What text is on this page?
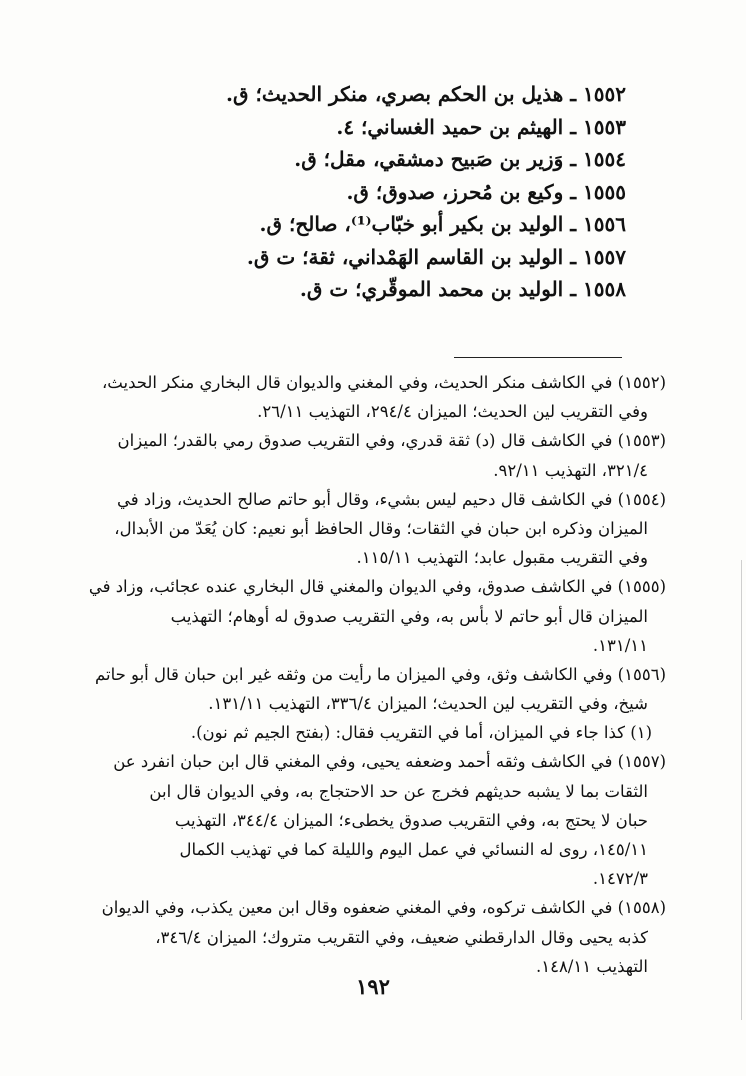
١٥٥٢ ـ هذيل بن الحكم بصري، منكر الحديث؛ ق.
١٥٥٣ ـ الهيثم بن حميد الغساني؛ ٤.
١٥٥٤ ـ وَزير بن صَبيح دمشقي، مقل؛ ق.
١٥٥٥ ـ وكيع بن مُحرز، صدوق؛ ق.
١٥٥٦ ـ الوليد بن بكير أبو خبّاب⁽¹⁾، صالح؛ ق.
١٥٥٧ ـ الوليد بن القاسم الهَمْداني، ثقة؛ ت ق.
١٥٥٨ ـ الوليد بن محمد الموقّري؛ ت ق.
(١٥٥٢) في الكاشف منكر الحديث، وفي المغني والديوان قال البخاري منكر الحديث،
وفي التقريب لين الحديث؛ الميزان ٢٩٤/٤، التهذيب ٢٦/١١.
(١٥٥٣) في الكاشف قال (د) ثقة قدري، وفي التقريب صدوق رمي بالقدر؛ الميزان
٣٢١/٤، التهذيب ٩٢/١١.
(١٥٥٤) في الكاشف قال دحيم ليس بشيء، وقال أبو حاتم صالح الحديث، وزاد في
الميزان وذكره ابن حبان في الثقات؛ وقال الحافظ أبو نعيم: كان يُعَدّ من الأبدال،
وفي التقريب مقبول عابد؛ التهذيب ١١٥/١١.
(١٥٥٥) في الكاشف صدوق، وفي الديوان والمغني قال البخاري عنده عجائب، وزاد في
الميزان قال أبو حاتم لا بأس به، وفي التقريب صدوق له أوهام؛ التهذيب
١٣١/١١.
(١٥٥٦) وفي الكاشف وثق، وفي الميزان ما رأيت من وثقه غير ابن حبان قال أبو حاتم
شيخ، وفي التقريب لين الحديث؛ الميزان ٣٣٦/٤، التهذيب ١٣١/١١.
(١) كذا جاء في الميزان، أما في التقريب فقال: (بفتح الجيم ثم نون).
(١٥٥٧) في الكاشف وثقه أحمد وضعفه يحيى، وفي المغني قال ابن حبان انفرد عن
الثقات بما لا يشبه حديثهم فخرج عن حد الاحتجاج به، وفي الديوان قال ابن
حبان لا يحتج به، وفي التقريب صدوق يخطىء؛ الميزان ٣٤٤/٤، التهذيب
١٤٥/١١، روى له النسائي في عمل اليوم والليلة كما في تهذيب الكمال
١٤٧٢/٣.
(١٥٥٨) في الكاشف تركوه، وفي المغني ضعفوه وقال ابن معين يكذب، وفي الديوان
كذبه يحيى وقال الدارقطني ضعيف، وفي التقريب متروك؛ الميزان ٣٤٦/٤،
التهذيب ١٤٨/١١.
١٩٢
